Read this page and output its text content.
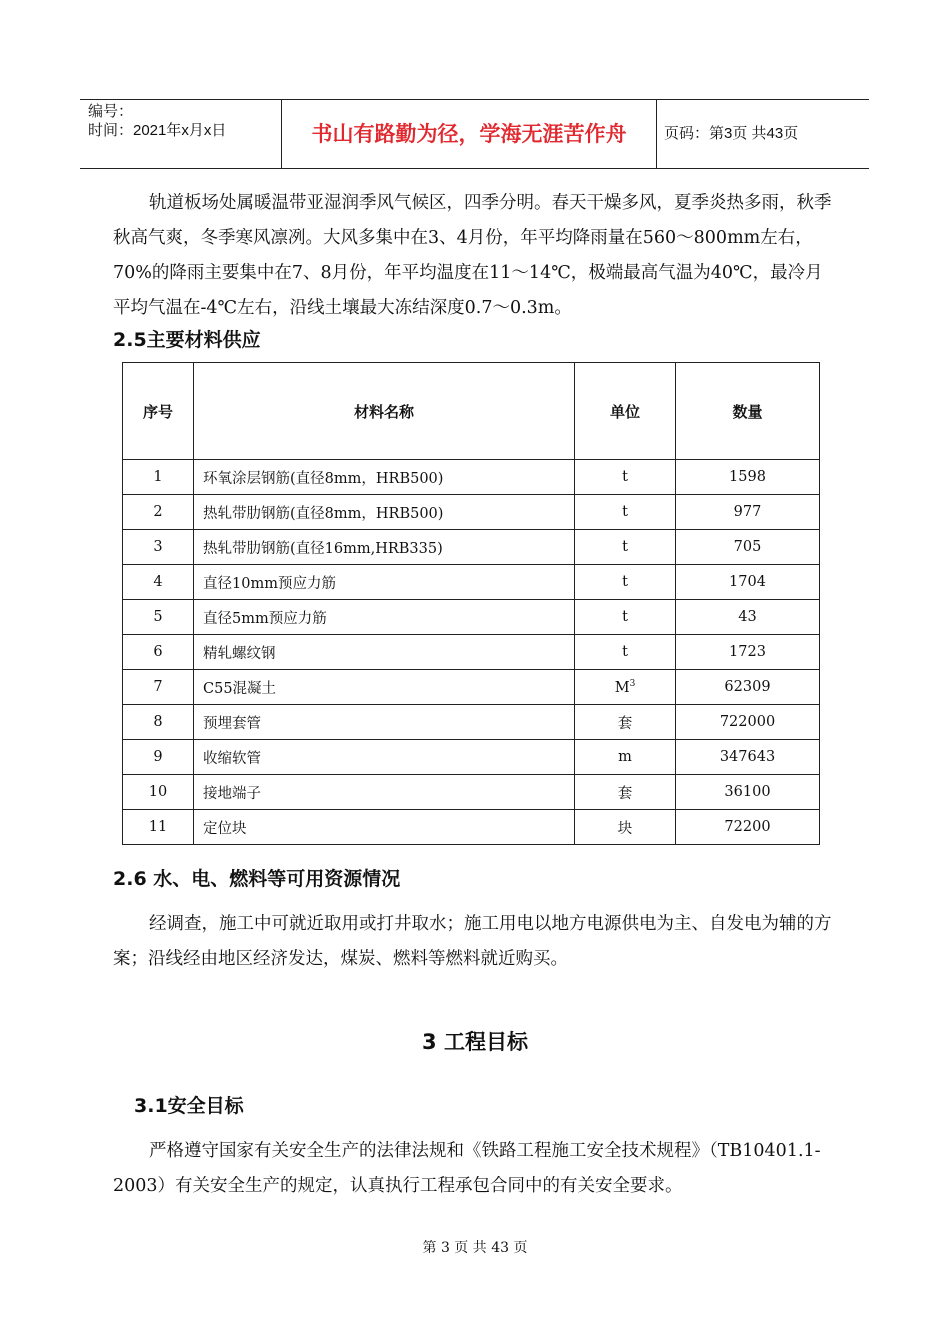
编号：
时间：2021年x月x日	书山有路勤为径，学海无涯苦作舟	页码：第3页 共43页
轨道板场处属暖温带亚湿润季风气候区，四季分明。春天干燥多风，夏季炎热多雨，秋季秋高气爽，冬季寒风凛冽。大风多集中在3、4月份，年平均降雨量在560～800mm左右，70%的降雨主要集中在7、8月份，年平均温度在11～14℃，极端最高气温为40℃，最冷月平均气温在-4℃左右，沿线土壤最大冻结深度0.7～0.3m。
2.5主要材料供应
序号	材料名称	单位	数量
1	环氧涂层钢筋(直径8mm，HRB500)	t	1598
2	热轧带肋钢筋(直径8mm，HRB500)	t	977
3	热轧带肋钢筋(直径16mm,HRB335)	t	705
4	直径10mm预应力筋	t	1704
5	直径5mm预应力筋	t	43
6	精轧螺纹钢	t	1723
7	C55混凝土	$M^3$	62309
8	预埋套管	套	722000
9	收缩软管	m	347643
10	接地端子	套	36100
11	定位块	块	72200
2.6 水、电、燃料等可用资源情况
经调查，施工中可就近取用或打井取水；施工用电以地方电源供电为主、自发电为辅的方案；沿线经由地区经济发达，煤炭、燃料等燃料就近购买。
3 工程目标
3.1安全目标
严格遵守国家有关安全生产的法律法规和《铁路工程施工安全技术规程》（TB10401.1-2003）有关安全生产的规定，认真执行工程承包合同中的有关安全要求。
第 3 页 共 43 页
